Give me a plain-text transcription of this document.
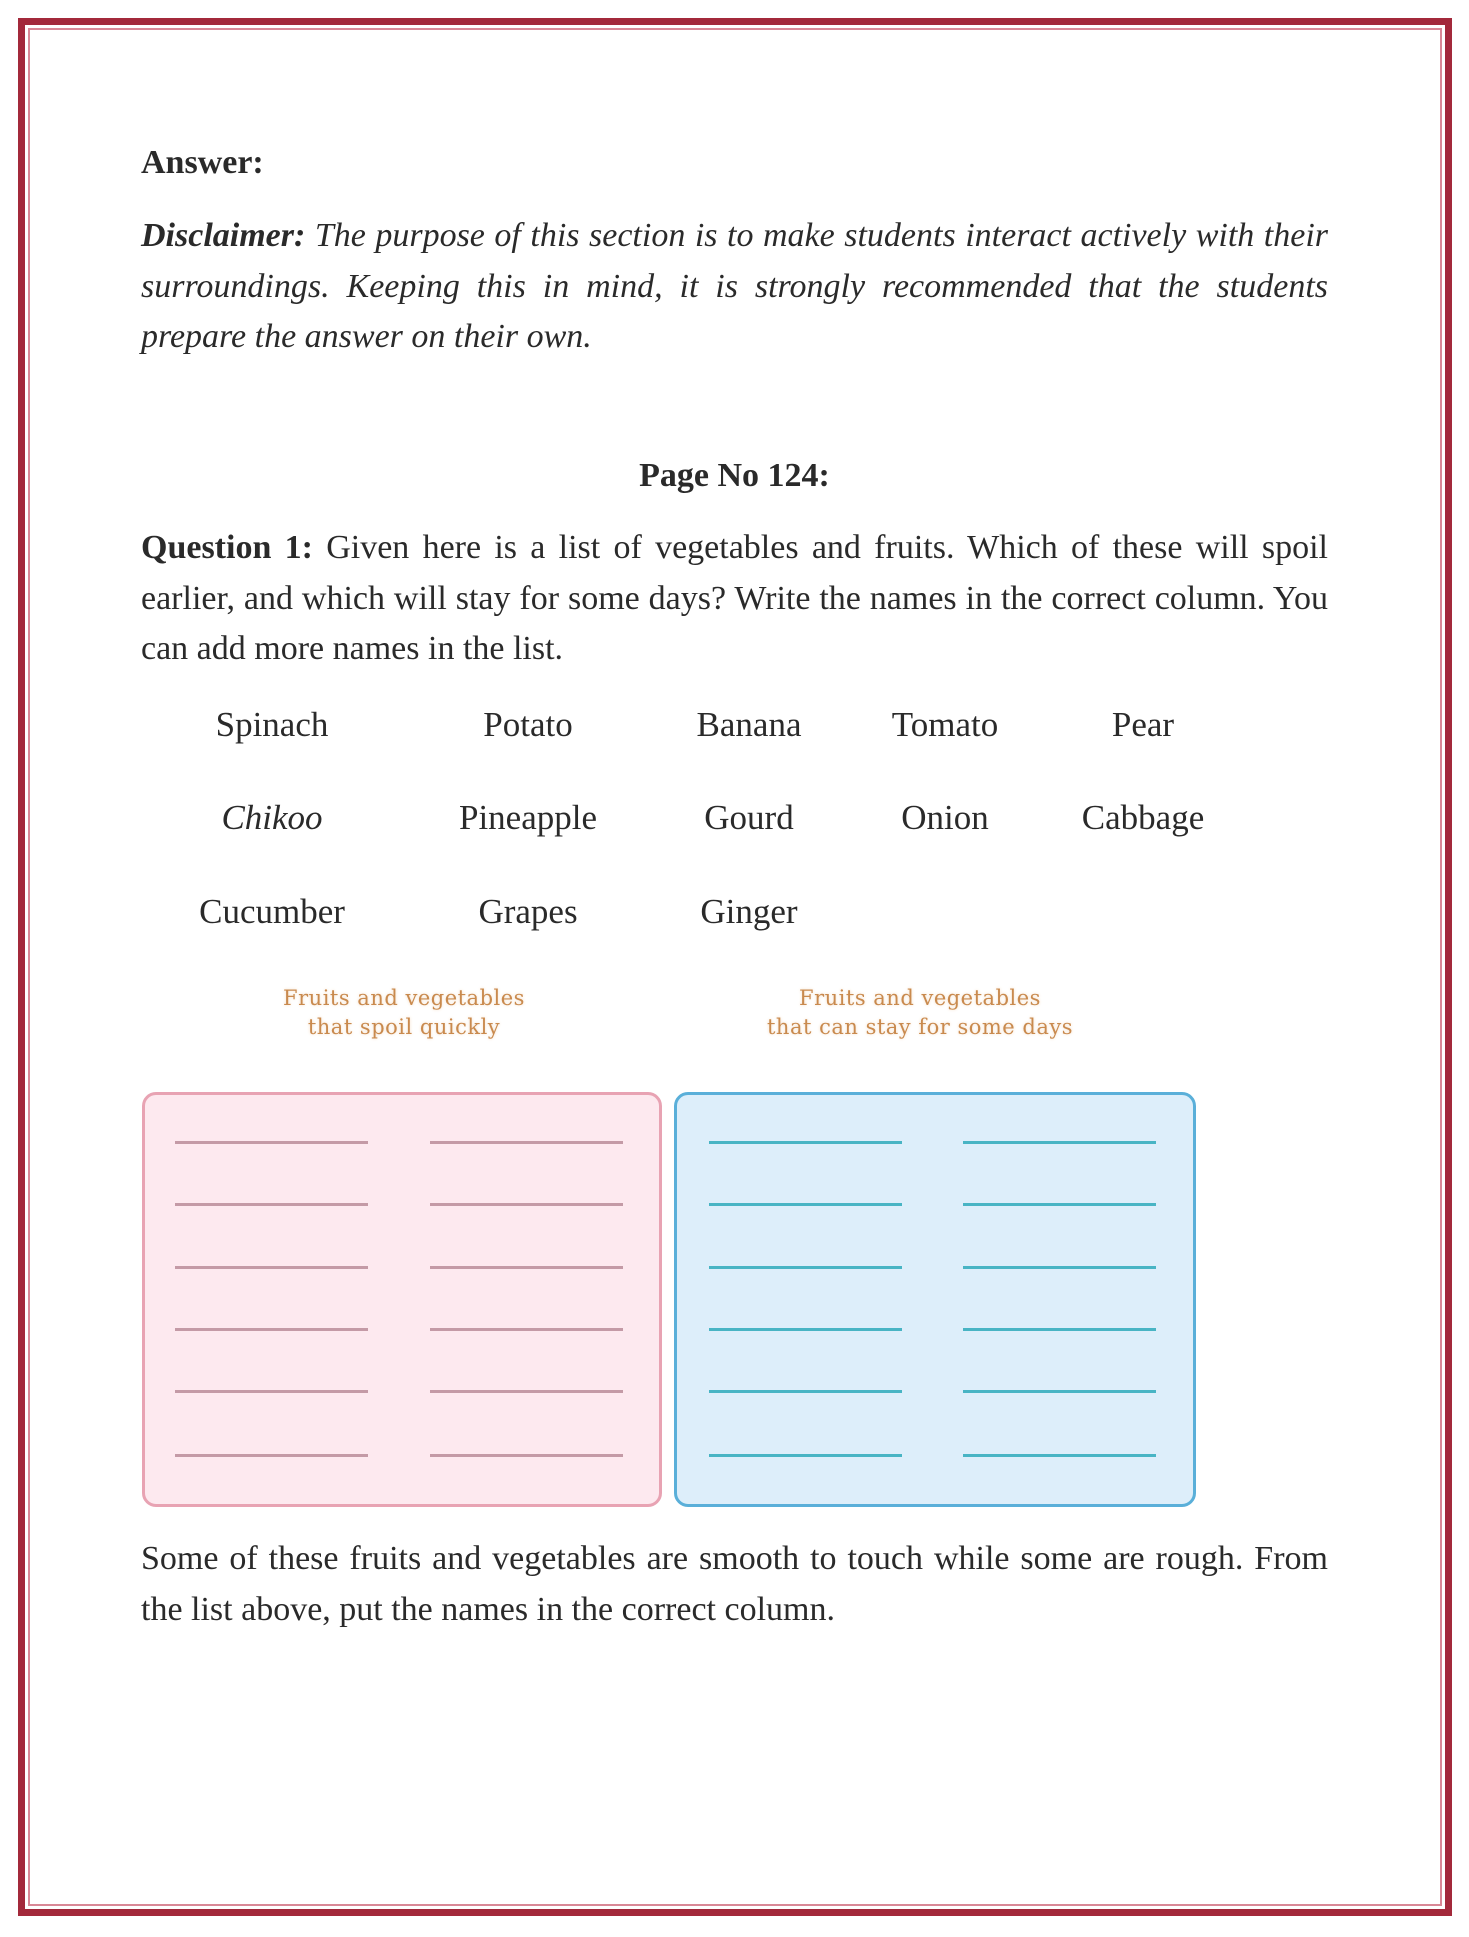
Answer:
Disclaimer: The purpose of this section is to make students interact actively with their surroundings. Keeping this in mind, it is strongly recommended that the students prepare the answer on their own.
Page No 124:
Question 1: Given here is a list of vegetables and fruits. Which of these will spoil earlier, and which will stay for some days? Write the names in the correct column. You can add more names in the list.
Spinach	Potato	Banana	Tomato	Pear
Chikoo	Pineapple	Gourd	Onion	Cabbage
Cucumber	Grapes	Ginger
Fruits and vegetables
that spoil quickly
Fruits and vegetables
that can stay for some days
Some of these fruits and vegetables are smooth to touch while some are rough. From the list above, put the names in the correct column.
